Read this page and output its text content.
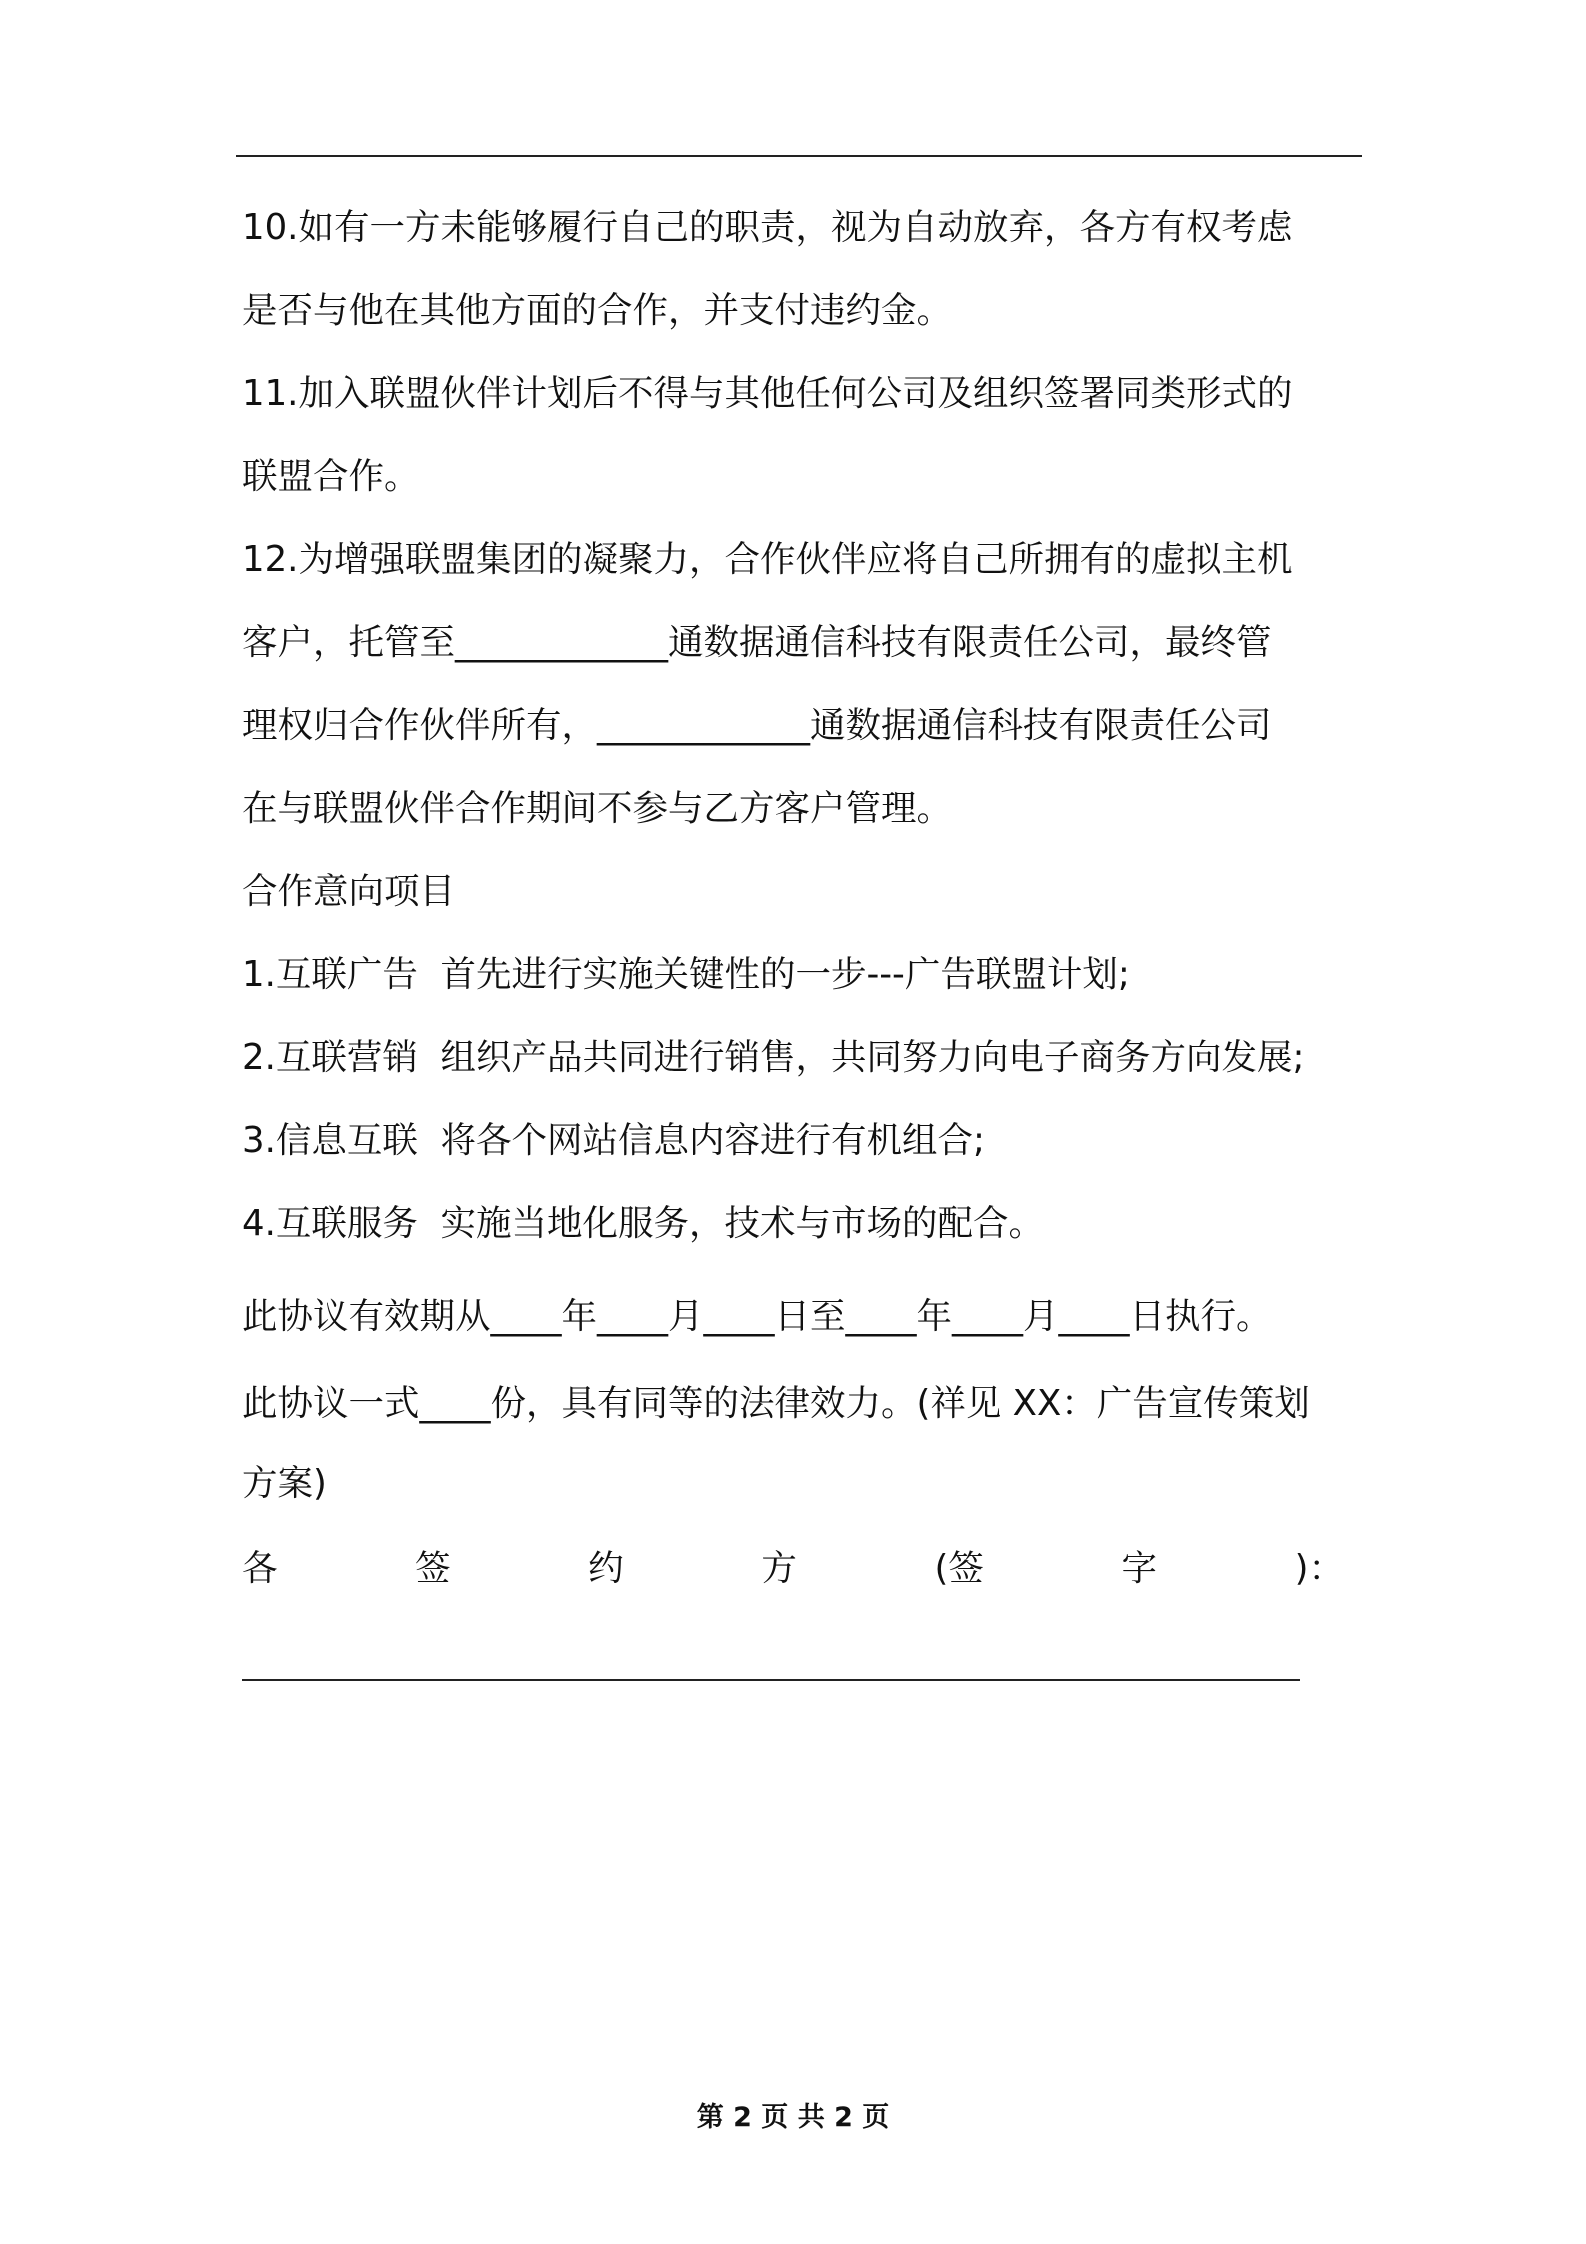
10.如有一方未能够履行自己的职责，视为自动放弃，各方有权考虑
是否与他在其他方面的合作，并支付违约金。
11.加入联盟伙伴计划后不得与其他任何公司及组织签署同类形式的
联盟合作。
12.为增强联盟集团的凝聚力，合作伙伴应将自己所拥有的虚拟主机
客户，托管至____________通数据通信科技有限责任公司，最终管
理权归合作伙伴所有，____________通数据通信科技有限责任公司
在与联盟伙伴合作期间不参与乙方客户管理。
合作意向项目
1.互联广告  首先进行实施关键性的一步---广告联盟计划;
2.互联营销  组织产品共同进行销售，共同努力向电子商务方向发展;
3.信息互联  将各个网站信息内容进行有机组合;
4.互联服务  实施当地化服务，技术与市场的配合。
此协议有效期从____年____月____日至____年____月____日执行。
此协议一式____份，具有同等的法律效力。(祥见 XX：广告宣传策划
方案)
各	签	约	方	(签	字	)：
第 2 页 共 2 页
